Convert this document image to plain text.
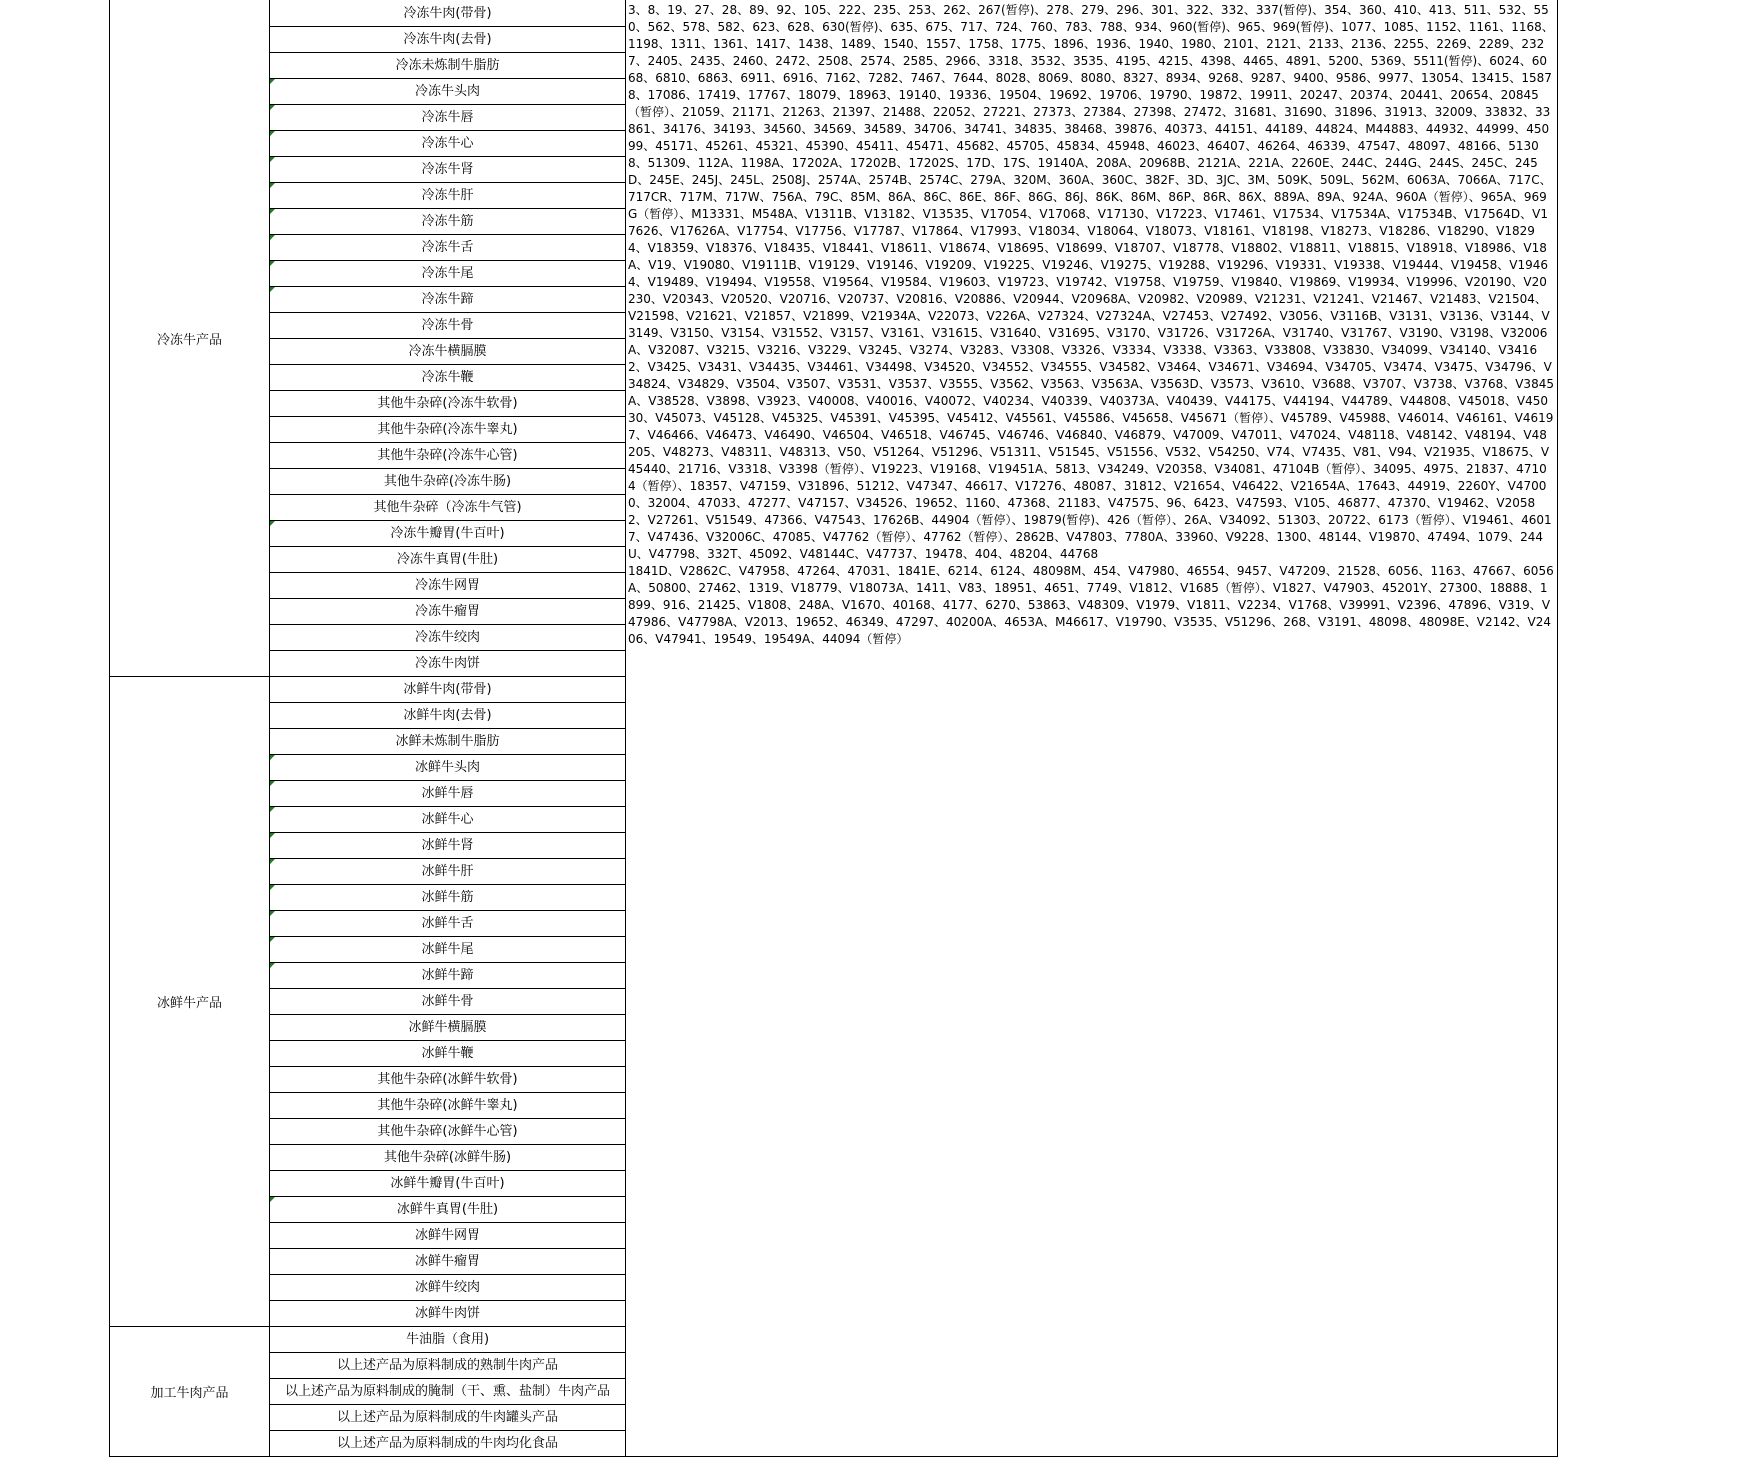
冷冻牛产品
冰鲜牛产品
加工牛肉产品
冷冻牛肉(带骨)
冷冻牛肉(去骨)
冷冻未炼制牛脂肪
冷冻牛头肉
冷冻牛唇
冷冻牛心
冷冻牛肾
冷冻牛肝
冷冻牛筋
冷冻牛舌
冷冻牛尾
冷冻牛蹄
冷冻牛骨
冷冻牛横膈膜
冷冻牛鞭
其他牛杂碎(冷冻牛软骨)
其他牛杂碎(冷冻牛睾丸)
其他牛杂碎(冷冻牛心管)
其他牛杂碎(冷冻牛肠)
其他牛杂碎（冷冻牛气管)
冷冻牛瓣胃(牛百叶)
冷冻牛真胃(牛肚)
冷冻牛网胃
冷冻牛瘤胃
冷冻牛绞肉
冷冻牛肉饼
冰鲜牛肉(带骨)
冰鲜牛肉(去骨)
冰鲜未炼制牛脂肪
冰鲜牛头肉
冰鲜牛唇
冰鲜牛心
冰鲜牛肾
冰鲜牛肝
冰鲜牛筋
冰鲜牛舌
冰鲜牛尾
冰鲜牛蹄
冰鲜牛骨
冰鲜牛横膈膜
冰鲜牛鞭
其他牛杂碎(冰鲜牛软骨)
其他牛杂碎(冰鲜牛睾丸)
其他牛杂碎(冰鲜牛心管)
其他牛杂碎(冰鲜牛肠)
冰鲜牛瓣胃(牛百叶)
冰鲜牛真胃(牛肚)
冰鲜牛网胃
冰鲜牛瘤胃
冰鲜牛绞肉
冰鲜牛肉饼
牛油脂（食用)
以上述产品为原料制成的熟制牛肉产品
以上述产品为原料制成的腌制（干、熏、盐制）牛肉产品
以上述产品为原料制成的牛肉罐头产品
以上述产品为原料制成的牛肉均化食品
3、8、19、27、28、89、92、105、222、235、253、262、267(暂停)、278、279、296、301、322、332、337(暂停)、354、360、410、413、511、532、550、562、578、582、623、628、630(暂停)、635、675、717、724、760、783、788、934、960(暂停)、965、969(暂停)、1077、1085、1152、1161、1168、1198、1311、1361、1417、1438、1489、1540、1557、1758、1775、1896、1936、1940、1980、2101、2121、2133、2136、2255、2269、2289、2327、2405、2435、2460、2472、2508、2574、2585、2966、3318、3532、3535、4195、4215、4398、4465、4891、5200、5369、5511(暂停)、6024、6068、6810、6863、6911、6916、7162、7282、7467、7644、8028、8069、8080、8327、8934、9268、9287、9400、9586、9977、13054、13415、15878、17086、17419、17767、18079、18963、19140、19336、19504、19692、19706、19790、19872、19911、20247、20374、20441、20654、20845（暂停）、21059、21171、21263、21397、21488、22052、27221、27373、27384、27398、27472、31681、31690、31896、31913、32009、33832、33861、34176、34193、34560、34569、34589、34706、34741、34835、38468、39876、40373、44151、44189、44824、M44883、44932、44999、45099、45171、45261、45321、45390、45411、45471、45682、45705、45834、45948、46023、46407、46264、46339、47547、48097、48166、51308、51309、112A、1198A、17202A、17202B、17202S、17D、17S、19140A、208A、20968B、2121A、221A、2260E、244C、244G、244S、245C、245D、245E、245J、245L、2508J、2574A、2574B、2574C、279A、320M、360A、360C、382F、3D、3JC、3M、509K、509L、562M、6063A、7066A、717C、717CR、717M、717W、756A、79C、85M、86A、86C、86E、86F、86G、86J、86K、86M、86P、86R、86X、889A、89A、924A、960A（暂停）、965A、969G（暂停）、M13331、M548A、V1311B、V13182、V13535、V17054、V17068、V17130、V17223、V17461、V17534、V17534A、V17534B、V17564D、V17626、V17626A、V17754、V17756、V17787、V17864、V17993、V18034、V18064、V18073、V18161、V18198、V18273、V18286、V18290、V18294、V18359、V18376、V18435、V18441、V18611、V18674、V18695、V18699、V18707、V18778、V18802、V18811、V18815、V18918、V18986、V18A、V19、V19080、V19111B、V19129、V19146、V19209、V19225、V19246、V19275、V19288、V19296、V19331、V19338、V19444、V19458、V19464、V19489、V19494、V19558、V19564、V19584、V19603、V19723、V19742、V19758、V19759、V19840、V19869、V19934、V19996、V20190、V20230、V20343、V20520、V20716、V20737、V20816、V20886、V20944、V20968A、V20982、V20989、V21231、V21241、V21467、V21483、V21504、V21598、V21621、V21857、V21899、V21934A、V22073、V226A、V27324、V27324A、V27453、V27492、V3056、V3116B、V3131、V3136、V3144、V3149、V3150、V3154、V31552、V3157、V3161、V31615、V31640、V31695、V3170、V31726、V31726A、V31740、V31767、V3190、V3198、V32006A、V32087、V3215、V3216、V3229、V3245、V3274、V3283、V3308、V3326、V3334、V3338、V3363、V33808、V33830、V34099、V34140、V34162、V3425、V3431、V34435、V34461、V34498、V34520、V34552、V34555、V34582、V3464、V34671、V34694、V34705、V3474、V3475、V34796、V34824、V34829、V3504、V3507、V3531、V3537、V3555、V3562、V3563、V3563A、V3563D、V3573、V3610、V3688、V3707、V3738、V3768、V3845A、V38528、V3898、V3923、V40008、V40016、V40072、V40234、V40339、V40373A、V40439、V44175、V44194、V44789、V44808、V45018、V45030、V45073、V45128、V45325、V45391、V45395、V45412、V45561、V45586、V45658、V45671（暂停）、V45789、V45988、V46014、V46161、V46197、V46466、V46473、V46490、V46504、V46518、V46745、V46746、V46840、V46879、V47009、V47011、V47024、V48118、V48142、V48194、V48205、V48273、V48311、V48313、V50、V51264、V51296、V51311、V51545、V51556、V532、V54250、V74、V7435、V81、V94、V21935、V18675、V45440、21716、V3318、V3398（暂停）、V19223、V19168、V19451A、5813、V34249、V20358、V34081、47104B（暂停）、34095、4975、21837、47104（暂停）、18357、V47159、V31896、51212、V47347、46617、V17276、48087、31812、V21654、V46422、V21654A、17643、44919、2260Y、V47000、32004、47033、47277、V47157、V34526、19652、1160、47368、21183、V47575、96、6423、V47593、V105、46877、47370、V19462、V20582、V27261、V51549、47366、V47543、17626B、44904（暂停）、19879(暂停)、426（暂停）、26A、V34092、51303、20722、6173（暂停）、V19461、46017、V47436、V32006C、47085、V47762（暂停）、47762（暂停）、2862B、V47803、7780A、33960、V9228、1300、48144、V19870、47494、1079、244U、V47798、332T、45092、V48144C、V47737、19478、404、48204、44768
1841D、V2862C、V47958、47264、47031、1841E、6214、6124、48098M、454、V47980、46554、9457、V47209、21528、6056、1163、47667、6056A、50800、27462、1319、V18779、V18073A、1411、V83、18951、4651、7749、V1812、V1685（暂停）、V1827、V47903、45201Y、27300、18888、1899、916、21425、V1808、248A、V1670、40168、4177、6270、53863、V48309、V1979、V1811、V2234、V1768、V39991、V2396、47896、V319、V47986、V47798A、V2013、19652、46349、47297、40200A、4653A、M46617、V19790、V3535、V51296、268、V3191、48098、48098E、V2142、V2406、V47941、19549、19549A、44094（暂停）
